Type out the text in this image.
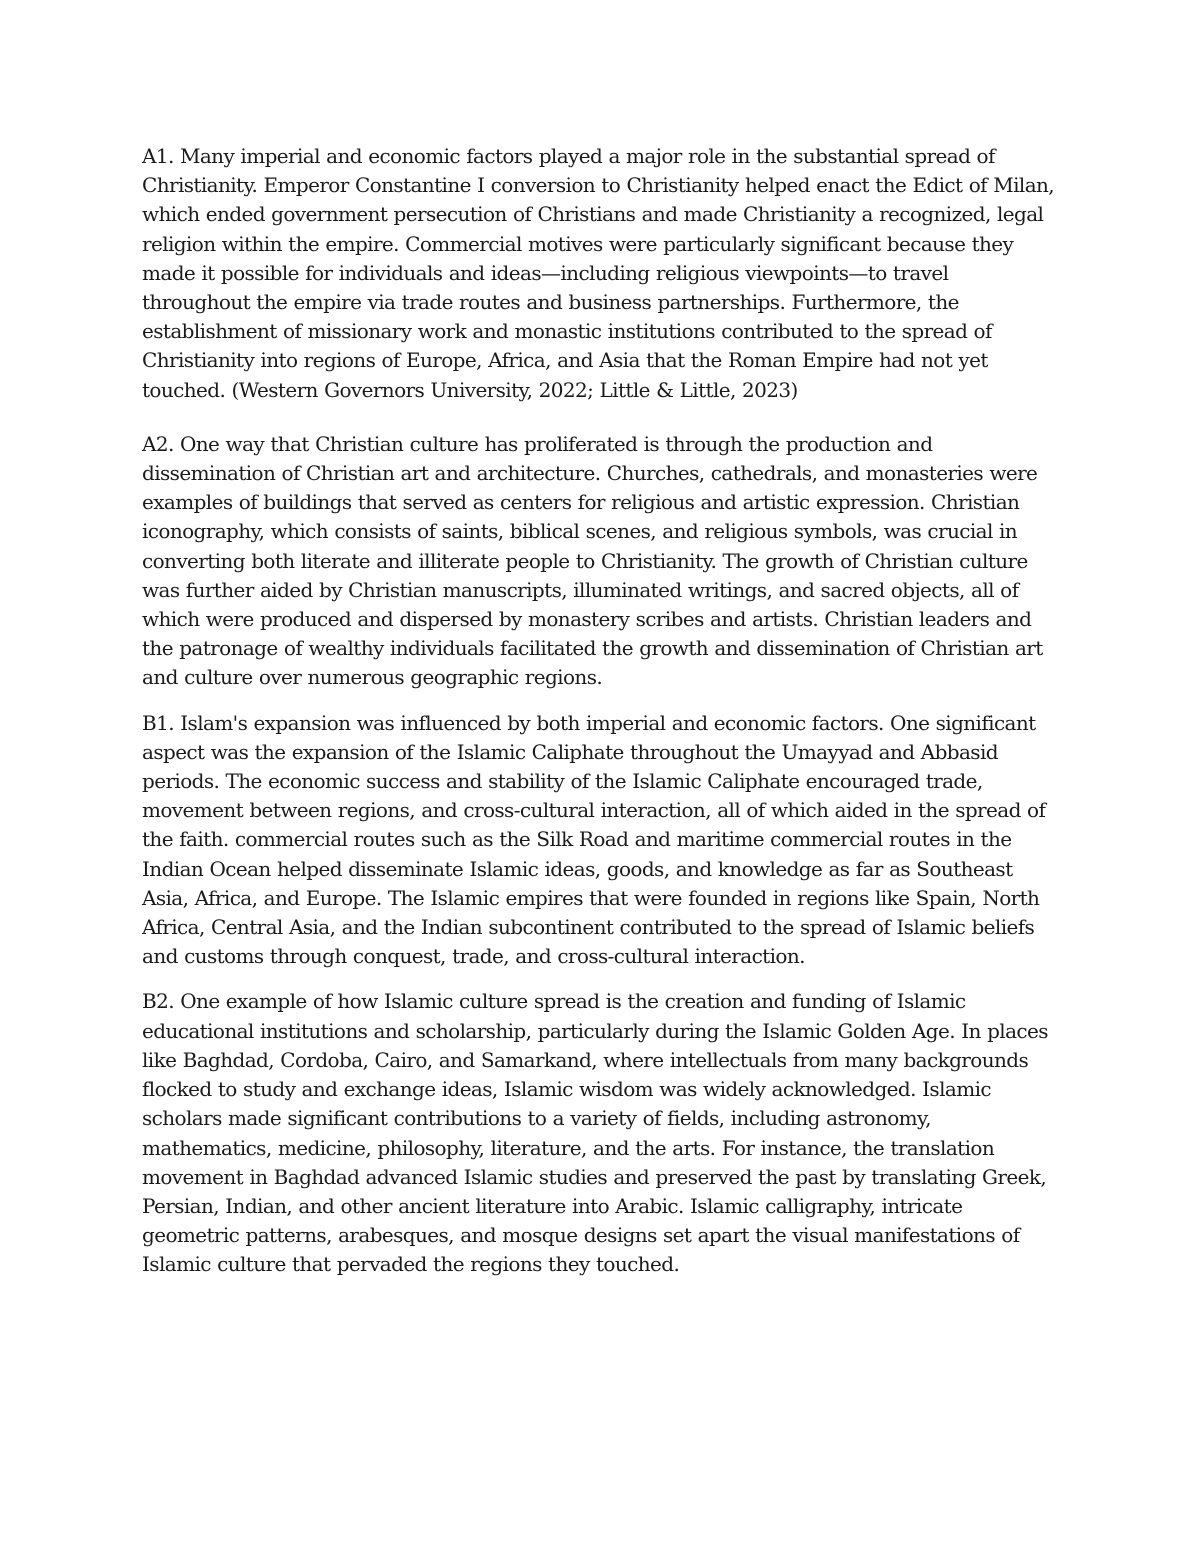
A1. Many imperial and economic factors played a major role in the substantial spread of Christianity. Emperor Constantine I conversion to Christianity helped enact the Edict of Milan, which ended government persecution of Christians and made Christianity a recognized, legal religion within the empire. Commercial motives were particularly significant because they made it possible for individuals and ideas—including religious viewpoints—to travel throughout the empire via trade routes and business partnerships. Furthermore, the establishment of missionary work and monastic institutions contributed to the spread of Christianity into regions of Europe, Africa, and Asia that the Roman Empire had not yet touched. (Western Governors University, 2022; Little & Little, 2023)

A2. One way that Christian culture has proliferated is through the production and dissemination of Christian art and architecture. Churches, cathedrals, and monasteries were examples of buildings that served as centers for religious and artistic expression. Christian iconography, which consists of saints, biblical scenes, and religious symbols, was crucial in converting both literate and illiterate people to Christianity. The growth of Christian culture was further aided by Christian manuscripts, illuminated writings, and sacred objects, all of which were produced and dispersed by monastery scribes and artists. Christian leaders and the patronage of wealthy individuals facilitated the growth and dissemination of Christian art and culture over numerous geographic regions.

B1. Islam's expansion was influenced by both imperial and economic factors. One significant aspect was the expansion of the Islamic Caliphate throughout the Umayyad and Abbasid periods. The economic success and stability of the Islamic Caliphate encouraged trade, movement between regions, and cross-cultural interaction, all of which aided in the spread of the faith. commercial routes such as the Silk Road and maritime commercial routes in the Indian Ocean helped disseminate Islamic ideas, goods, and knowledge as far as Southeast Asia, Africa, and Europe. The Islamic empires that were founded in regions like Spain, North Africa, Central Asia, and the Indian subcontinent contributed to the spread of Islamic beliefs and customs through conquest, trade, and cross-cultural interaction.

B2. One example of how Islamic culture spread is the creation and funding of Islamic educational institutions and scholarship, particularly during the Islamic Golden Age. In places like Baghdad, Cordoba, Cairo, and Samarkand, where intellectuals from many backgrounds flocked to study and exchange ideas, Islamic wisdom was widely acknowledged. Islamic scholars made significant contributions to a variety of fields, including astronomy, mathematics, medicine, philosophy, literature, and the arts. For instance, the translation movement in Baghdad advanced Islamic studies and preserved the past by translating Greek, Persian, Indian, and other ancient literature into Arabic. Islamic calligraphy, intricate geometric patterns, arabesques, and mosque designs set apart the visual manifestations of Islamic culture that pervaded the regions they touched.
